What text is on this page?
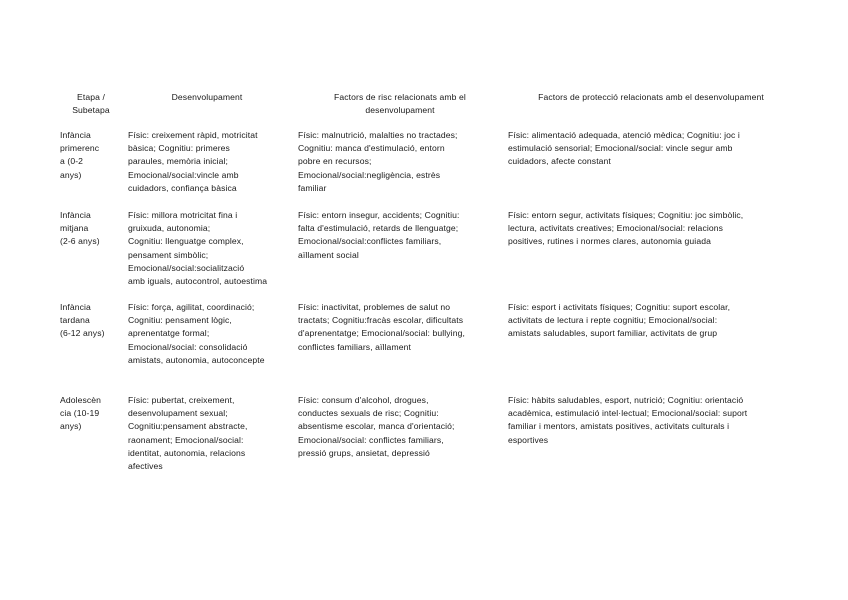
Etapa /
Subetapa
Desenvolupament	Factors de risc relacionats amb el
desenvolupament
Factors de protecció relacionats amb el desenvolupament
Infància
primerenc
a (0-2
anys)
Físic: creixement ràpid, motricitat
bàsica; Cognitiu: primeres
paraules, memòria inicial;
Emocional/social:vincle amb
cuidadors, confiança bàsica
Físic: malnutrició, malalties no tractades;
Cognitiu: manca d'estimulació, entorn
pobre en recursos;
Emocional/social:negligència, estrès
familiar
Físic: alimentació adequada, atenció mèdica; Cognitiu: joc i
estimulació sensorial; Emocional/social: vincle segur amb
cuidadors, afecte constant
Infància
mitjana
(2-6 anys)
Físic: millora motricitat fina i
gruixuda, autonomia;
Cognitiu: llenguatge complex,
pensament simbòlic;
Emocional/social:socialització
amb iguals, autocontrol, autoestima
Físic: entorn insegur, accidents; Cognitiu:
falta d'estimulació, retards de llenguatge;
Emocional/social:conflictes familiars,
aïllament social
Físic: entorn segur, activitats físiques; Cognitiu: joc simbòlic,
lectura, activitats creatives; Emocional/social: relacions
positives, rutines i normes clares, autonomia guiada
Infància
tardana
(6-12 anys)
Físic: força, agilitat, coordinació;
Cognitiu: pensament lògic,
aprenentatge formal;
Emocional/social: consolidació
amistats, autonomia, autoconcepte
Físic: inactivitat, problemes de salut no
tractats; Cognitiu:fracàs escolar, dificultats
d'aprenentatge; Emocional/social: bullying,
conflictes familiars, aïllament
Físic: esport i activitats físiques; Cognitiu: suport escolar,
activitats de lectura i repte cognitiu; Emocional/social:
amistats saludables, suport familiar, activitats de grup
Adolescèn
cia (10-19
anys)
Físic: pubertat, creixement,
desenvolupament sexual;
Cognitiu:pensament abstracte,
raonament; Emocional/social:
identitat, autonomia, relacions
afectives
Físic: consum d'alcohol, drogues,
conductes sexuals de risc; Cognitiu:
absentisme escolar, manca d'orientació;
Emocional/social: conflictes familiars,
pressió grups, ansietat, depressió
Físic: hàbits saludables, esport, nutrició; Cognitiu: orientació
acadèmica, estimulació intel·lectual; Emocional/social: suport
familiar i mentors, amistats positives, activitats culturals i
esportives
